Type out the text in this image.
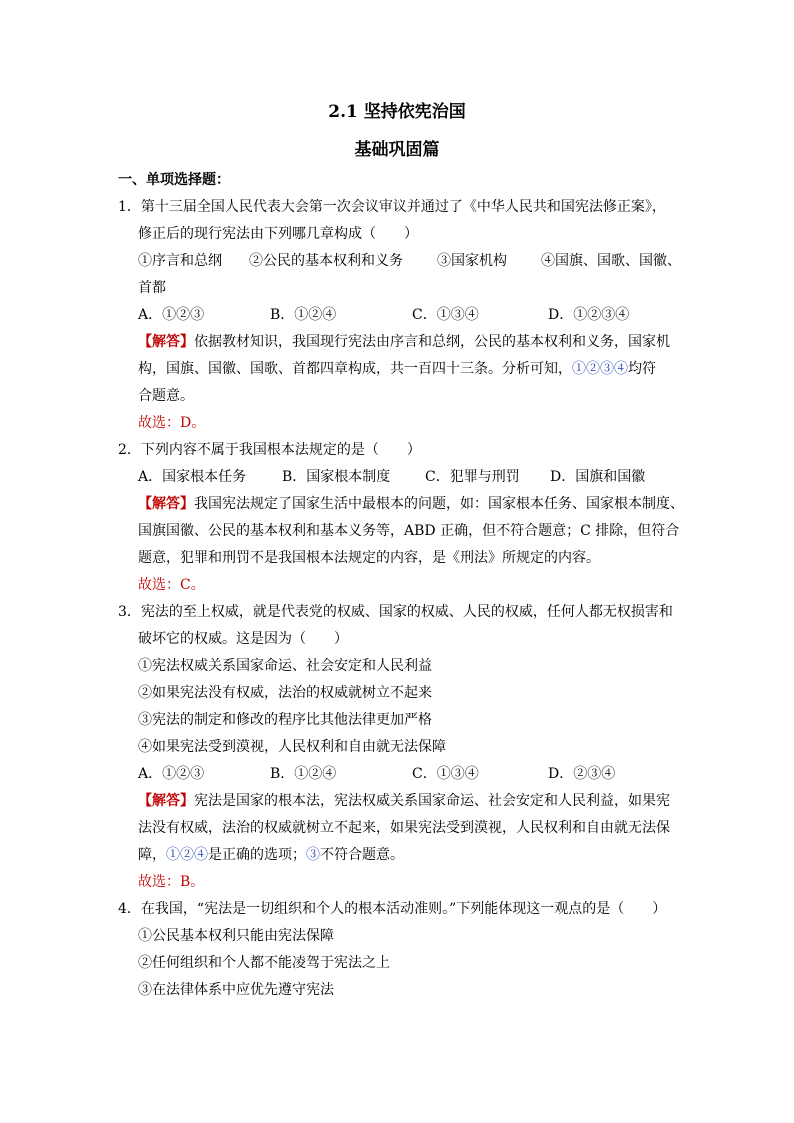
2.1 坚持依宪治国
基础巩固篇
一、单项选择题：
1．第十三届全国人民代表大会第一次会议审议并通过了《中华人民共和国宪法修正案》，
修正后的现行宪法由下列哪几章构成（　　）
①序言和总纲 ②公民的基本权利和义务 ③国家机构 ④国旗、国歌、国徽、
首都
A．①②③	B．①②④	C．①③④	D．①②③④
【解答】依据教材知识，我国现行宪法由序言和总纲，公民的基本权利和义务，国家机
构，国旗、国徽、国歌、首都四章构成，共一百四十三条。分析可知，①②③④均符
合题意。
故选：D。
2．下列内容不属于我国根本法规定的是（　　）
A．国家根本任务	B．国家根本制度 C．犯罪与刑罚 D．国旗和国徽
【解答】我国宪法规定了国家生活中最根本的问题，如：国家根本任务、国家根本制度、
国旗国徽、公民的基本权利和基本义务等，ABD 正确，但不符合题意；C 排除，但符合
题意，犯罪和刑罚不是我国根本法规定的内容，是《刑法》所规定的内容。
故选：C。
3．宪法的至上权威，就是代表党的权威、国家的权威、人民的权威，任何人都无权损害和
破坏它的权威。这是因为（　　）
①宪法权威关系国家命运、社会安定和人民利益
②如果宪法没有权威，法治的权威就树立不起来
③宪法的制定和修改的程序比其他法律更加严格
④如果宪法受到漠视，人民权利和自由就无法保障
A．①②③	B．①②④	C．①③④	D．②③④
【解答】宪法是国家的根本法，宪法权威关系国家命运、社会安定和人民利益，如果宪
法没有权威，法治的权威就树立不起来，如果宪法受到漠视，人民权利和自由就无法保
障，①②④是正确的选项；③不符合题意。
故选：B。
4．在我国，“宪法是一切组织和个人的根本活动准则。”下列能体现这一观点的是（　　）
①公民基本权利只能由宪法保障
②任何组织和个人都不能凌驾于宪法之上
③在法律体系中应优先遵守宪法
